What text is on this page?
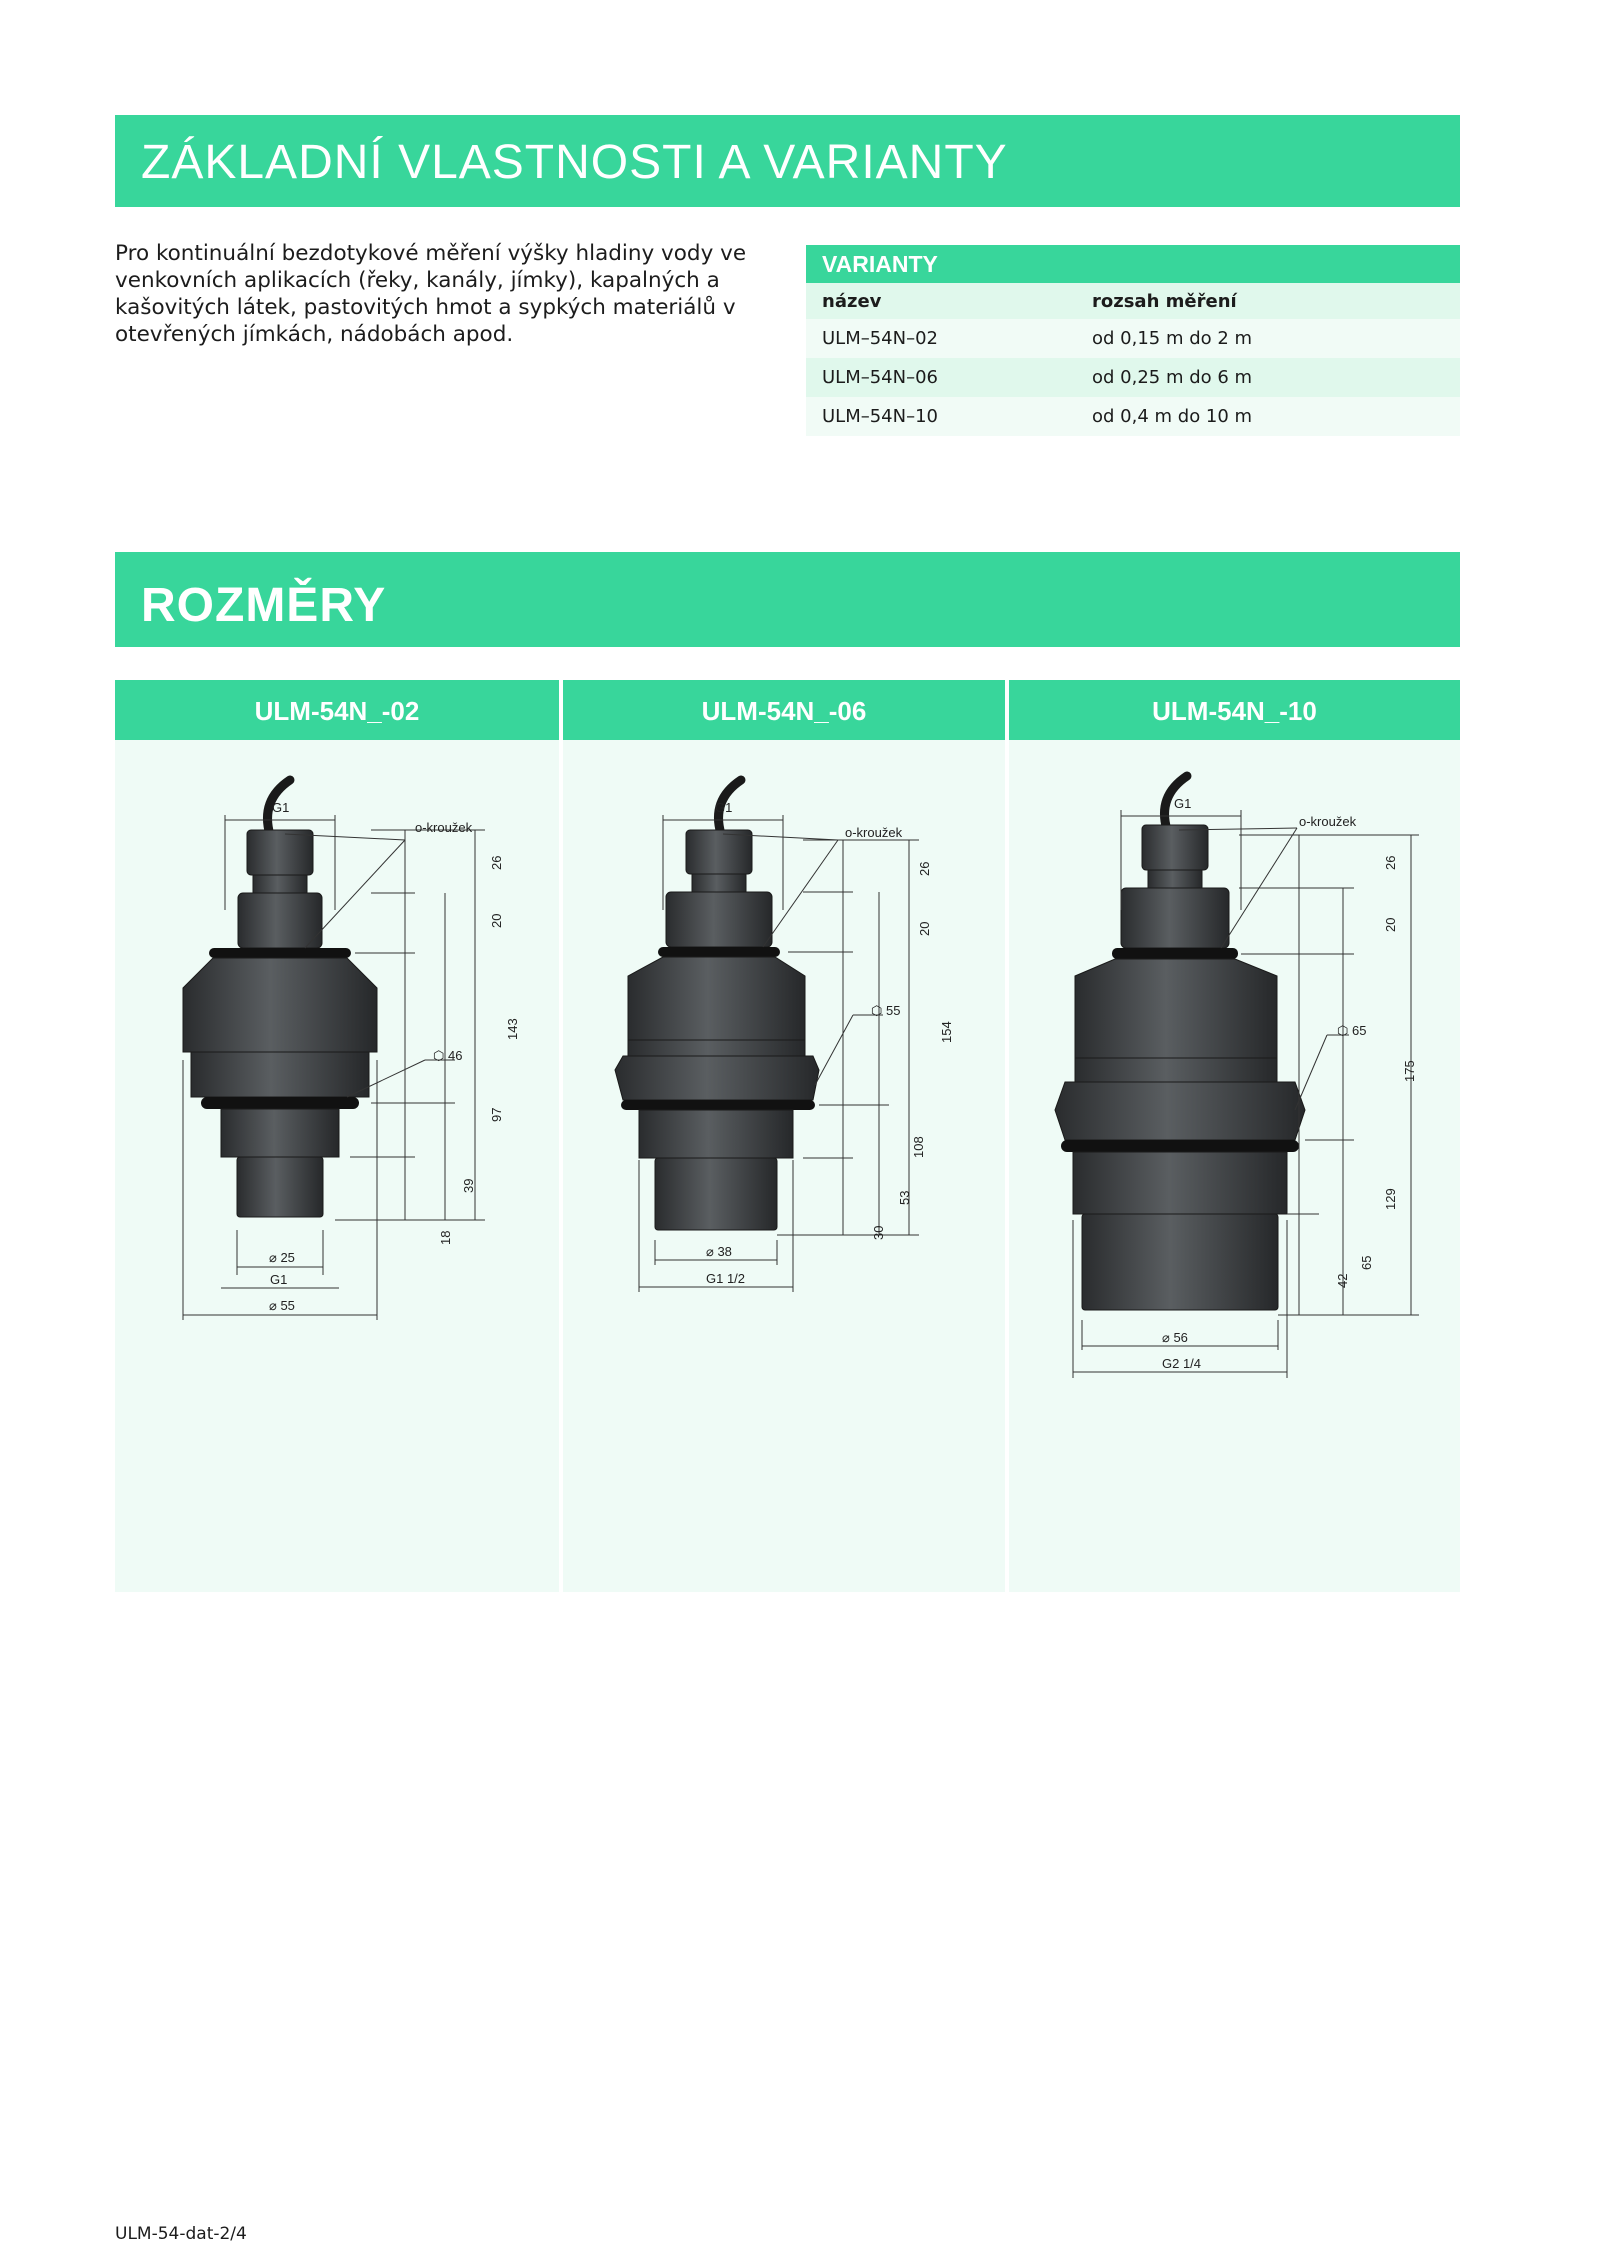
ZÁKLADNÍ VLASTNOSTI A VARIANTY

Pro kontinuální bezdotykové měření výšky hladiny vody ve venkovních aplikacích (řeky, kanály, jímky), kapalných a kašovitých látek, pastovitých hmot a sypkých materiálů v otevřených jímkách, nádobách apod.

VARIANTY
název	rozsah měření
ULM–54N–02	od 0,15 m do 2 m
ULM–54N–06	od 0,25 m do 6 m
ULM–54N–10	od 0,4 m do 10 m
ROZMĚRY
ULM-54N_-02
G1
o-kroužek
⬡ 46
26
20
143
97
39
18
⌀ 25
G1
⌀ 55
ULM-54N_-06
G1
o-kroužek
⬡ 55
26
20
154
108
53
30
⌀ 38
G1 1/2
ULM-54N_-10
G1
o-kroužek
⬡ 65
26
20
175
129
65
42
⌀ 56
G2 1/4
ULM-54-dat-2/4
